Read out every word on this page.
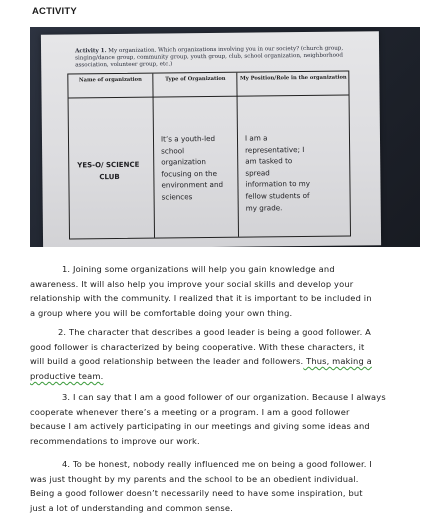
ACTIVITY
Activity 1. My organization. Which organizations involving you in our society? (church group, singing/dance group, community group, youth group, club, school organization, neighborhood association, volunteer group, etc.)
Name of organization
YES-O/ SCIENCE
CLUB
Type of Organization
It’s a youth-led
school
organization
focusing on the
environment and
sciences
My Position/Role in the organization
I am a
representative; I
am tasked to
spread
information to my
fellow students of
my grade.
1. Joining some organizations will help you gain knowledge and
awareness. It will also help you improve your social skills and develop your
relationship with the community. I realized that it is important to be included in
a group where you will be comfortable doing your own thing.
2. The character that describes a good leader is being a good follower. A
good follower is characterized by being cooperative. With these characters, it
will build a good relationship between the leader and followers. Thus, making a
productive team.
3. I can say that I am a good follower of our organization. Because I always
cooperate whenever there’s a meeting or a program. I am a good follower
because I am actively participating in our meetings and giving some ideas and
recommendations to improve our work.
4. To be honest, nobody really influenced me on being a good follower. I
was just thought by my parents and the school to be an obedient individual.
Being a good follower doesn’t necessarily need to have some inspiration, but
just a lot of understanding and common sense.
